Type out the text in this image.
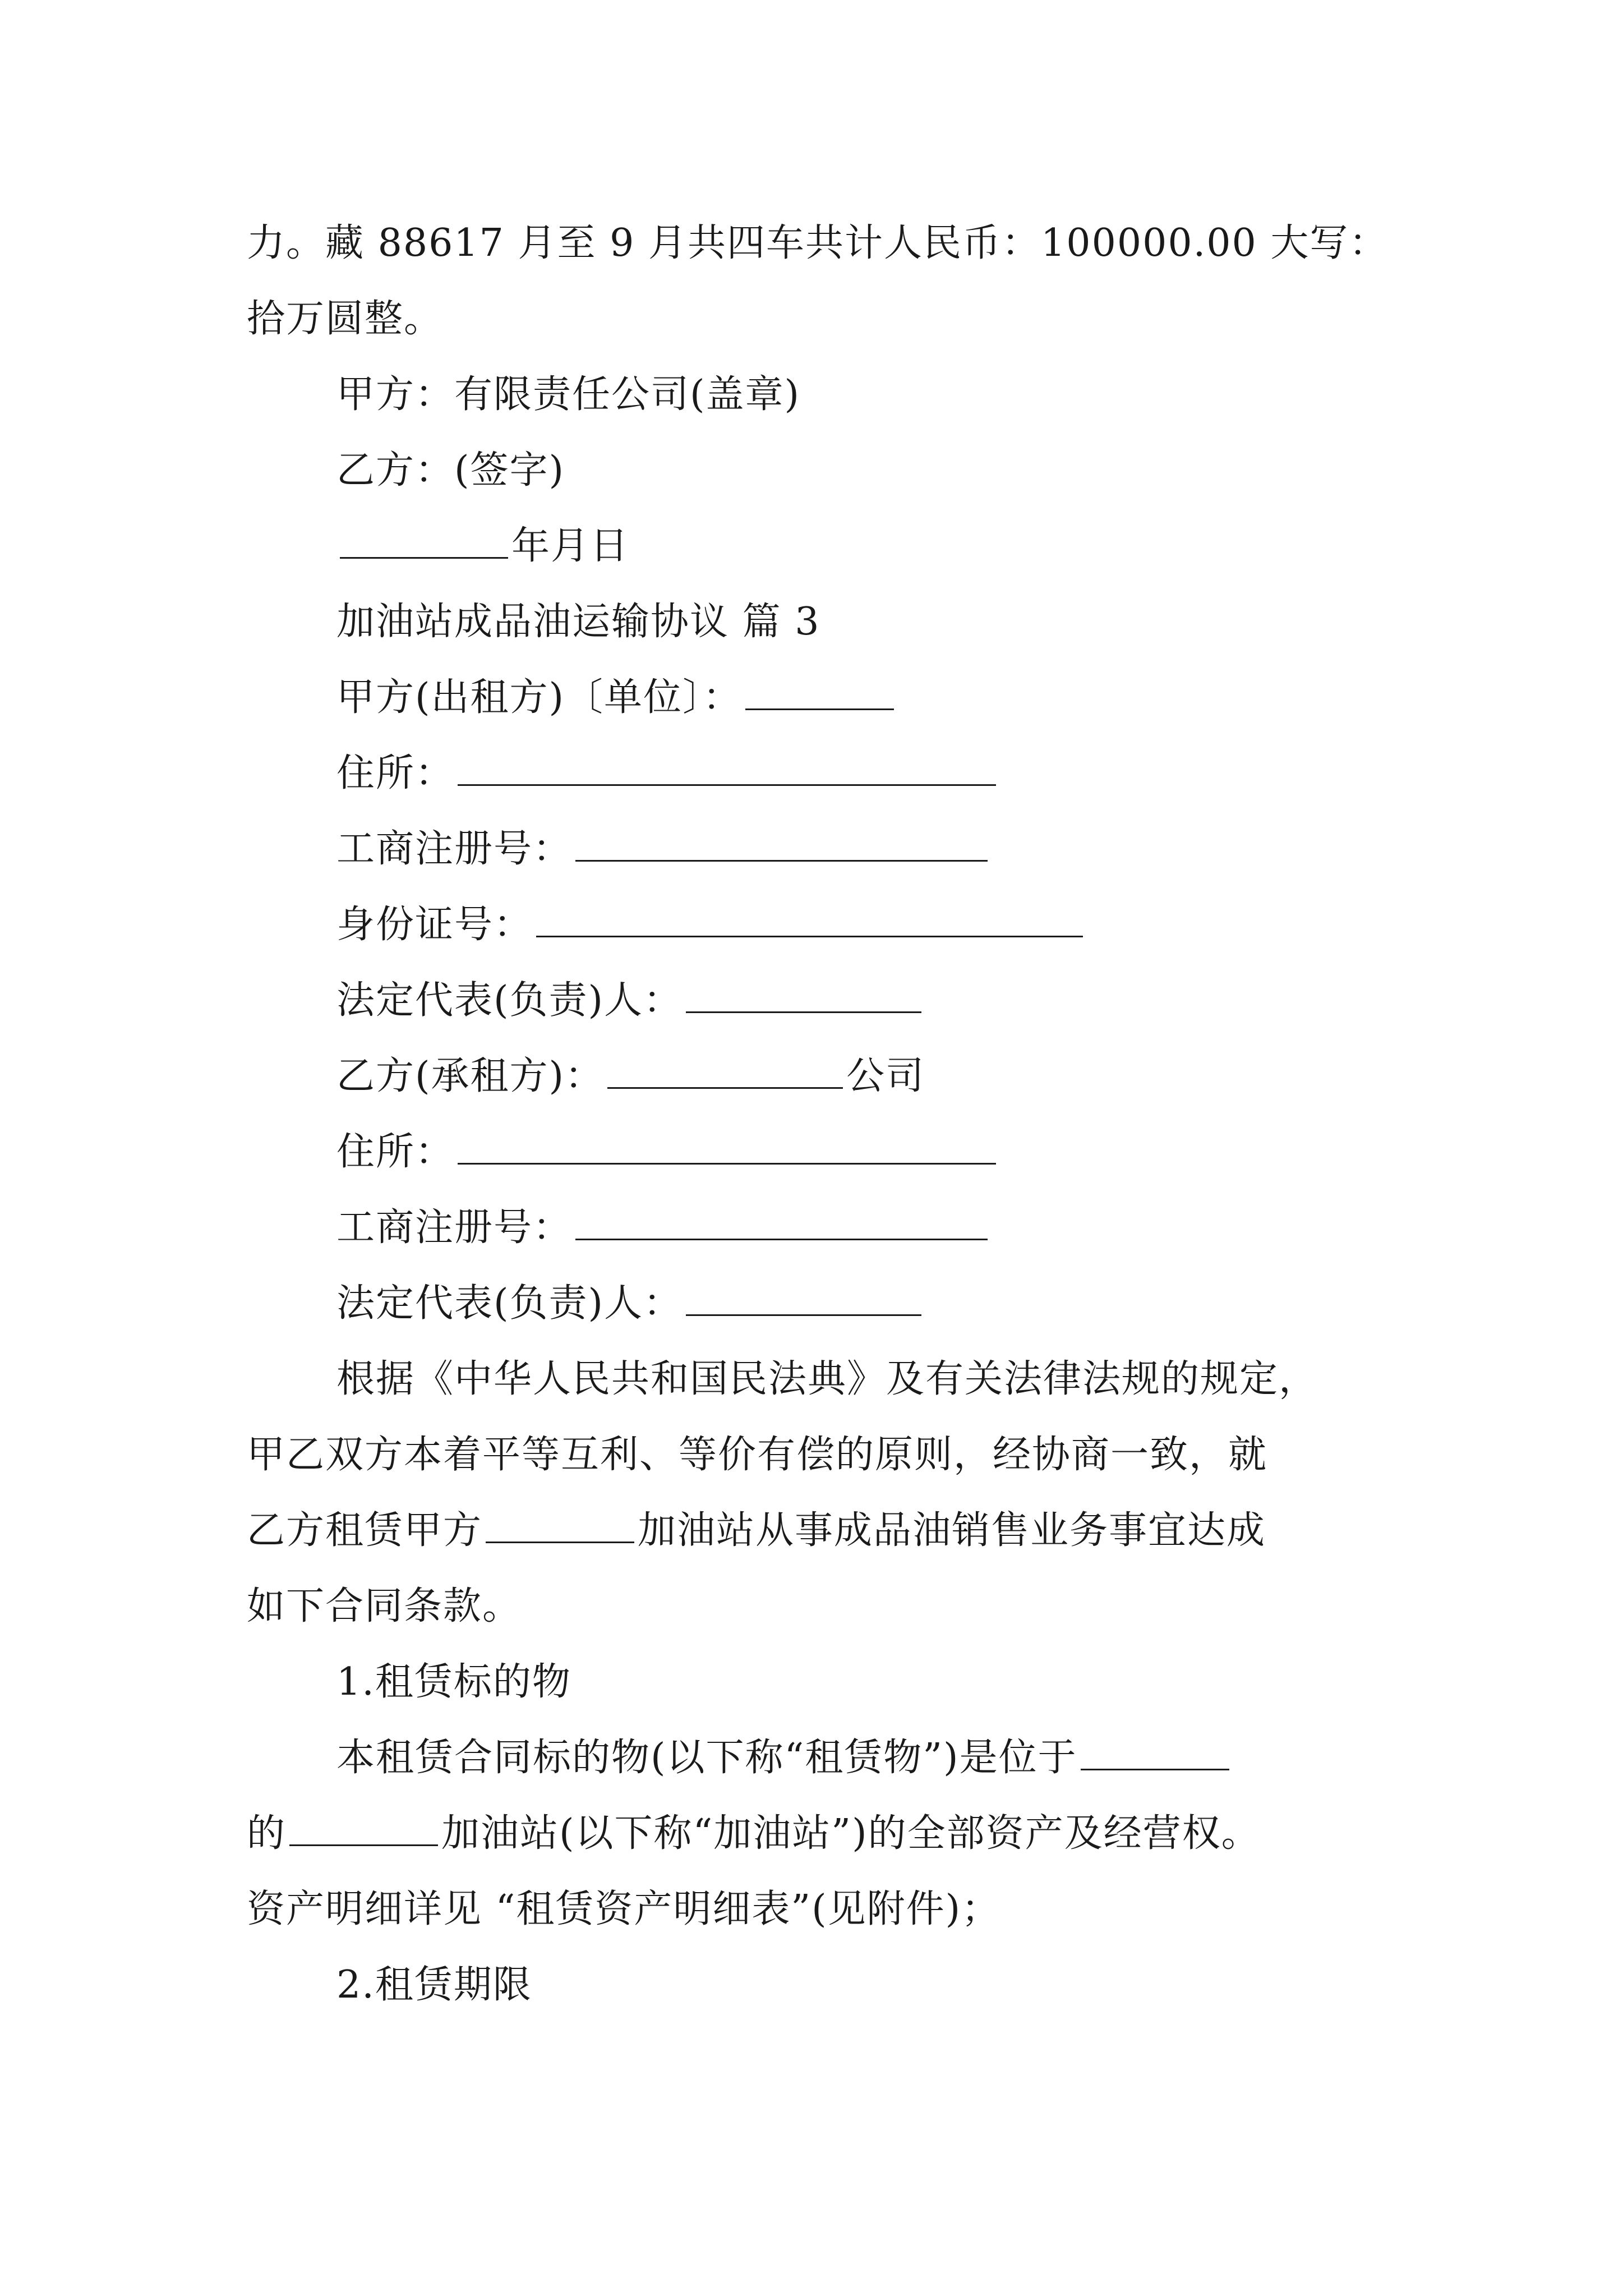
力。藏 88617 月至 9 月共四车共计人民币：100000.00 大写：
拾万圆整。
甲方：有限责任公司(盖章)
乙方：(签字)
年月日
加油站成品油运输协议 篇 3
甲方(出租方)〔单位〕：
住所：
工商注册号：
身份证号：
法定代表(负责)人：
乙方(承租方)：	公司
住所：
工商注册号：
法定代表(负责)人：
根据《中华人民共和国民法典》及有关法律法规的规定，
甲乙双方本着平等互利、等价有偿的原则，经协商一致，就
乙方租赁甲方	加油站从事成品油销售业务事宜达成
如下合同条款。
1.租赁标的物
本租赁合同标的物(以下称“租赁物”)是位于
的	加油站(以下称“加油站”)的全部资产及经营权。
资产明细详见 “租赁资产明细表”(见附件)；
2.租赁期限
